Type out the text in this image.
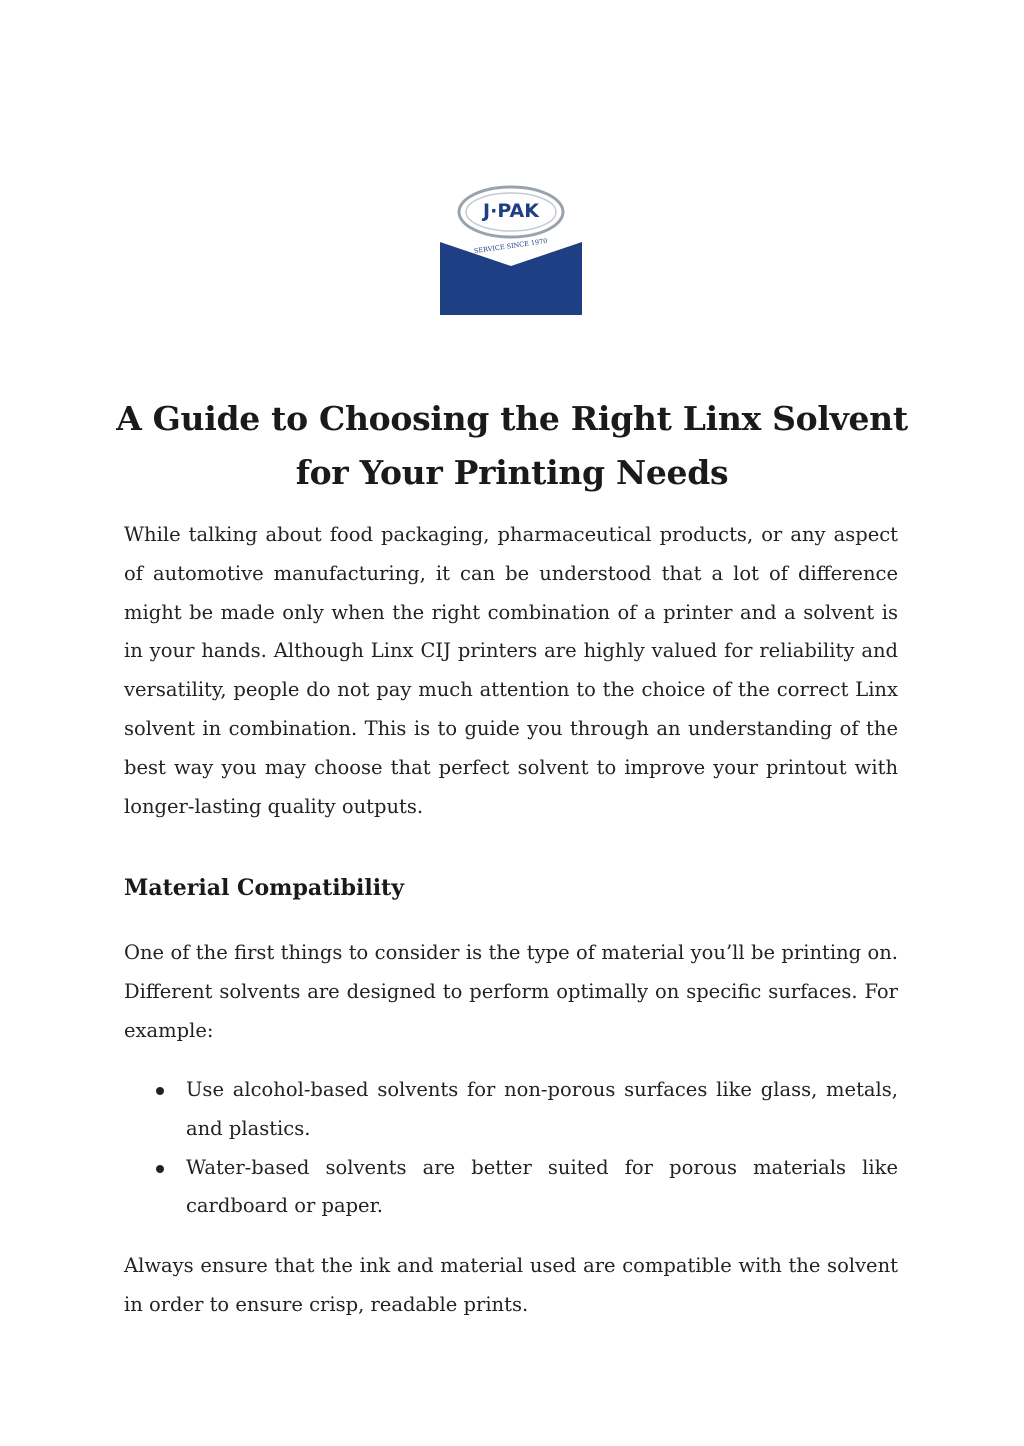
J·PAK
SERVICE SINCE 1970
A Guide to Choosing the Right Linx Solvent for Your Printing Needs

While talking about food packaging, pharmaceutical products, or any aspect of automotive manufacturing, it can be understood that a lot of difference might be made only when the right combination of a printer and a solvent is in your hands. Although Linx CIJ printers are highly valued for reliability and versatility, people do not pay much attention to the choice of the correct Linx solvent in combination. This is to guide you through an understanding of the best way you may choose that perfect solvent to improve your printout with longer-lasting quality outputs.

Material Compatibility

One of the first things to consider is the type of material you’ll be printing on. Different solvents are designed to perform optimally on specific surfaces. For example:

Use alcohol-based solvents for non-porous surfaces like glass, metals, and plastics.
Water-based solvents are better suited for porous materials like cardboard or paper.

Always ensure that the ink and material used are compatible with the solvent in order to ensure crisp, readable prints.
